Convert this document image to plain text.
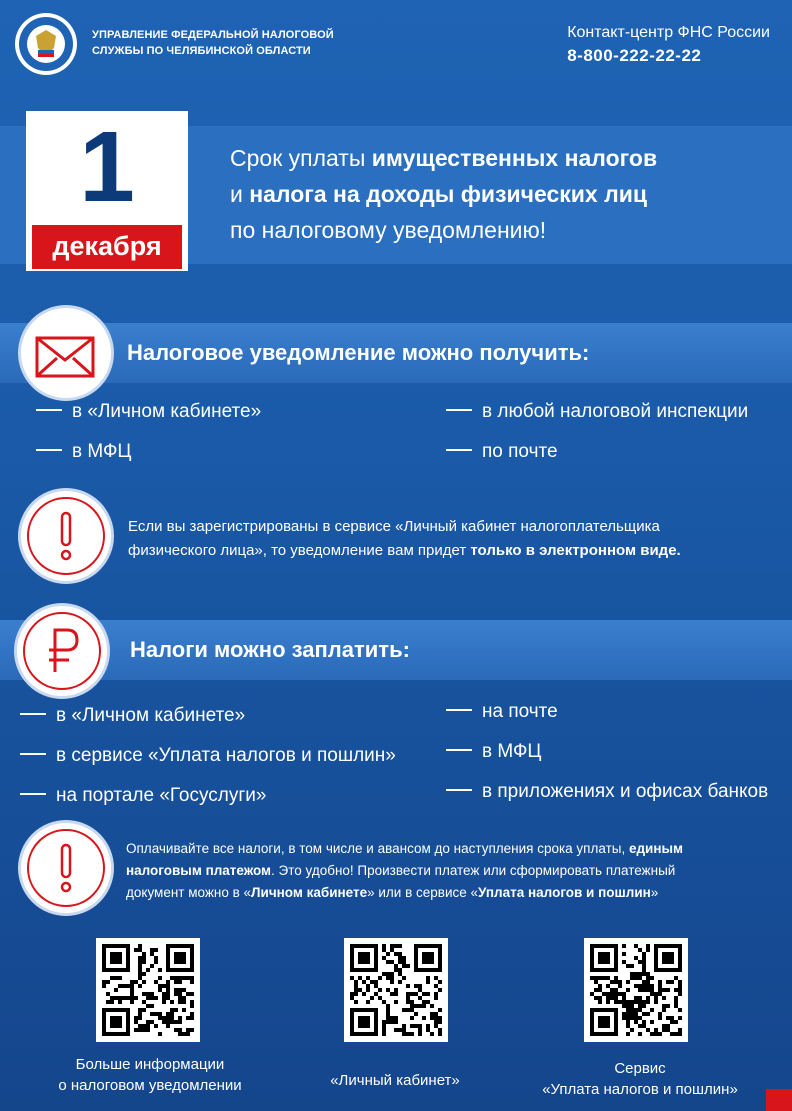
УПРАВЛЕНИЕ ФЕДЕРАЛЬНОЙ НАЛОГОВОЙ
СЛУЖБЫ ПО ЧЕЛЯБИНСКОЙ ОБЛАСТИ
Контакт-центр ФНС России
8-800-222-22-22
1
декабря
Срок уплаты имущественных налогов
и налога на доходы физических лиц
по налоговому уведомлению!
Налоговое уведомление можно получить:
в «Личном кабинете»
в МФЦ
в любой налоговой инспекции
по почте
Если вы зарегистрированы в сервисе «Личный кабинет налогоплательщика
физического лица», то уведомление вам придет только в электронном виде.
Налоги можно заплатить:
в «Личном кабинете»
в сервисе «Уплата налогов и пошлин»
на портале «Госуслуги»
на почте
в МФЦ
в приложениях и офисах банков
Оплачивайте все налоги, в том числе и авансом до наступления срока уплаты, единым
налоговым платежом. Это удобно! Произвести платеж или сформировать платежный
документ можно в «Личном кабинете» или в сервисе «Уплата налогов и пошлин»
Больше информации
о налоговом уведомлении	«Личный кабинет»
Сервис
«Уплата налогов и пошлин»
